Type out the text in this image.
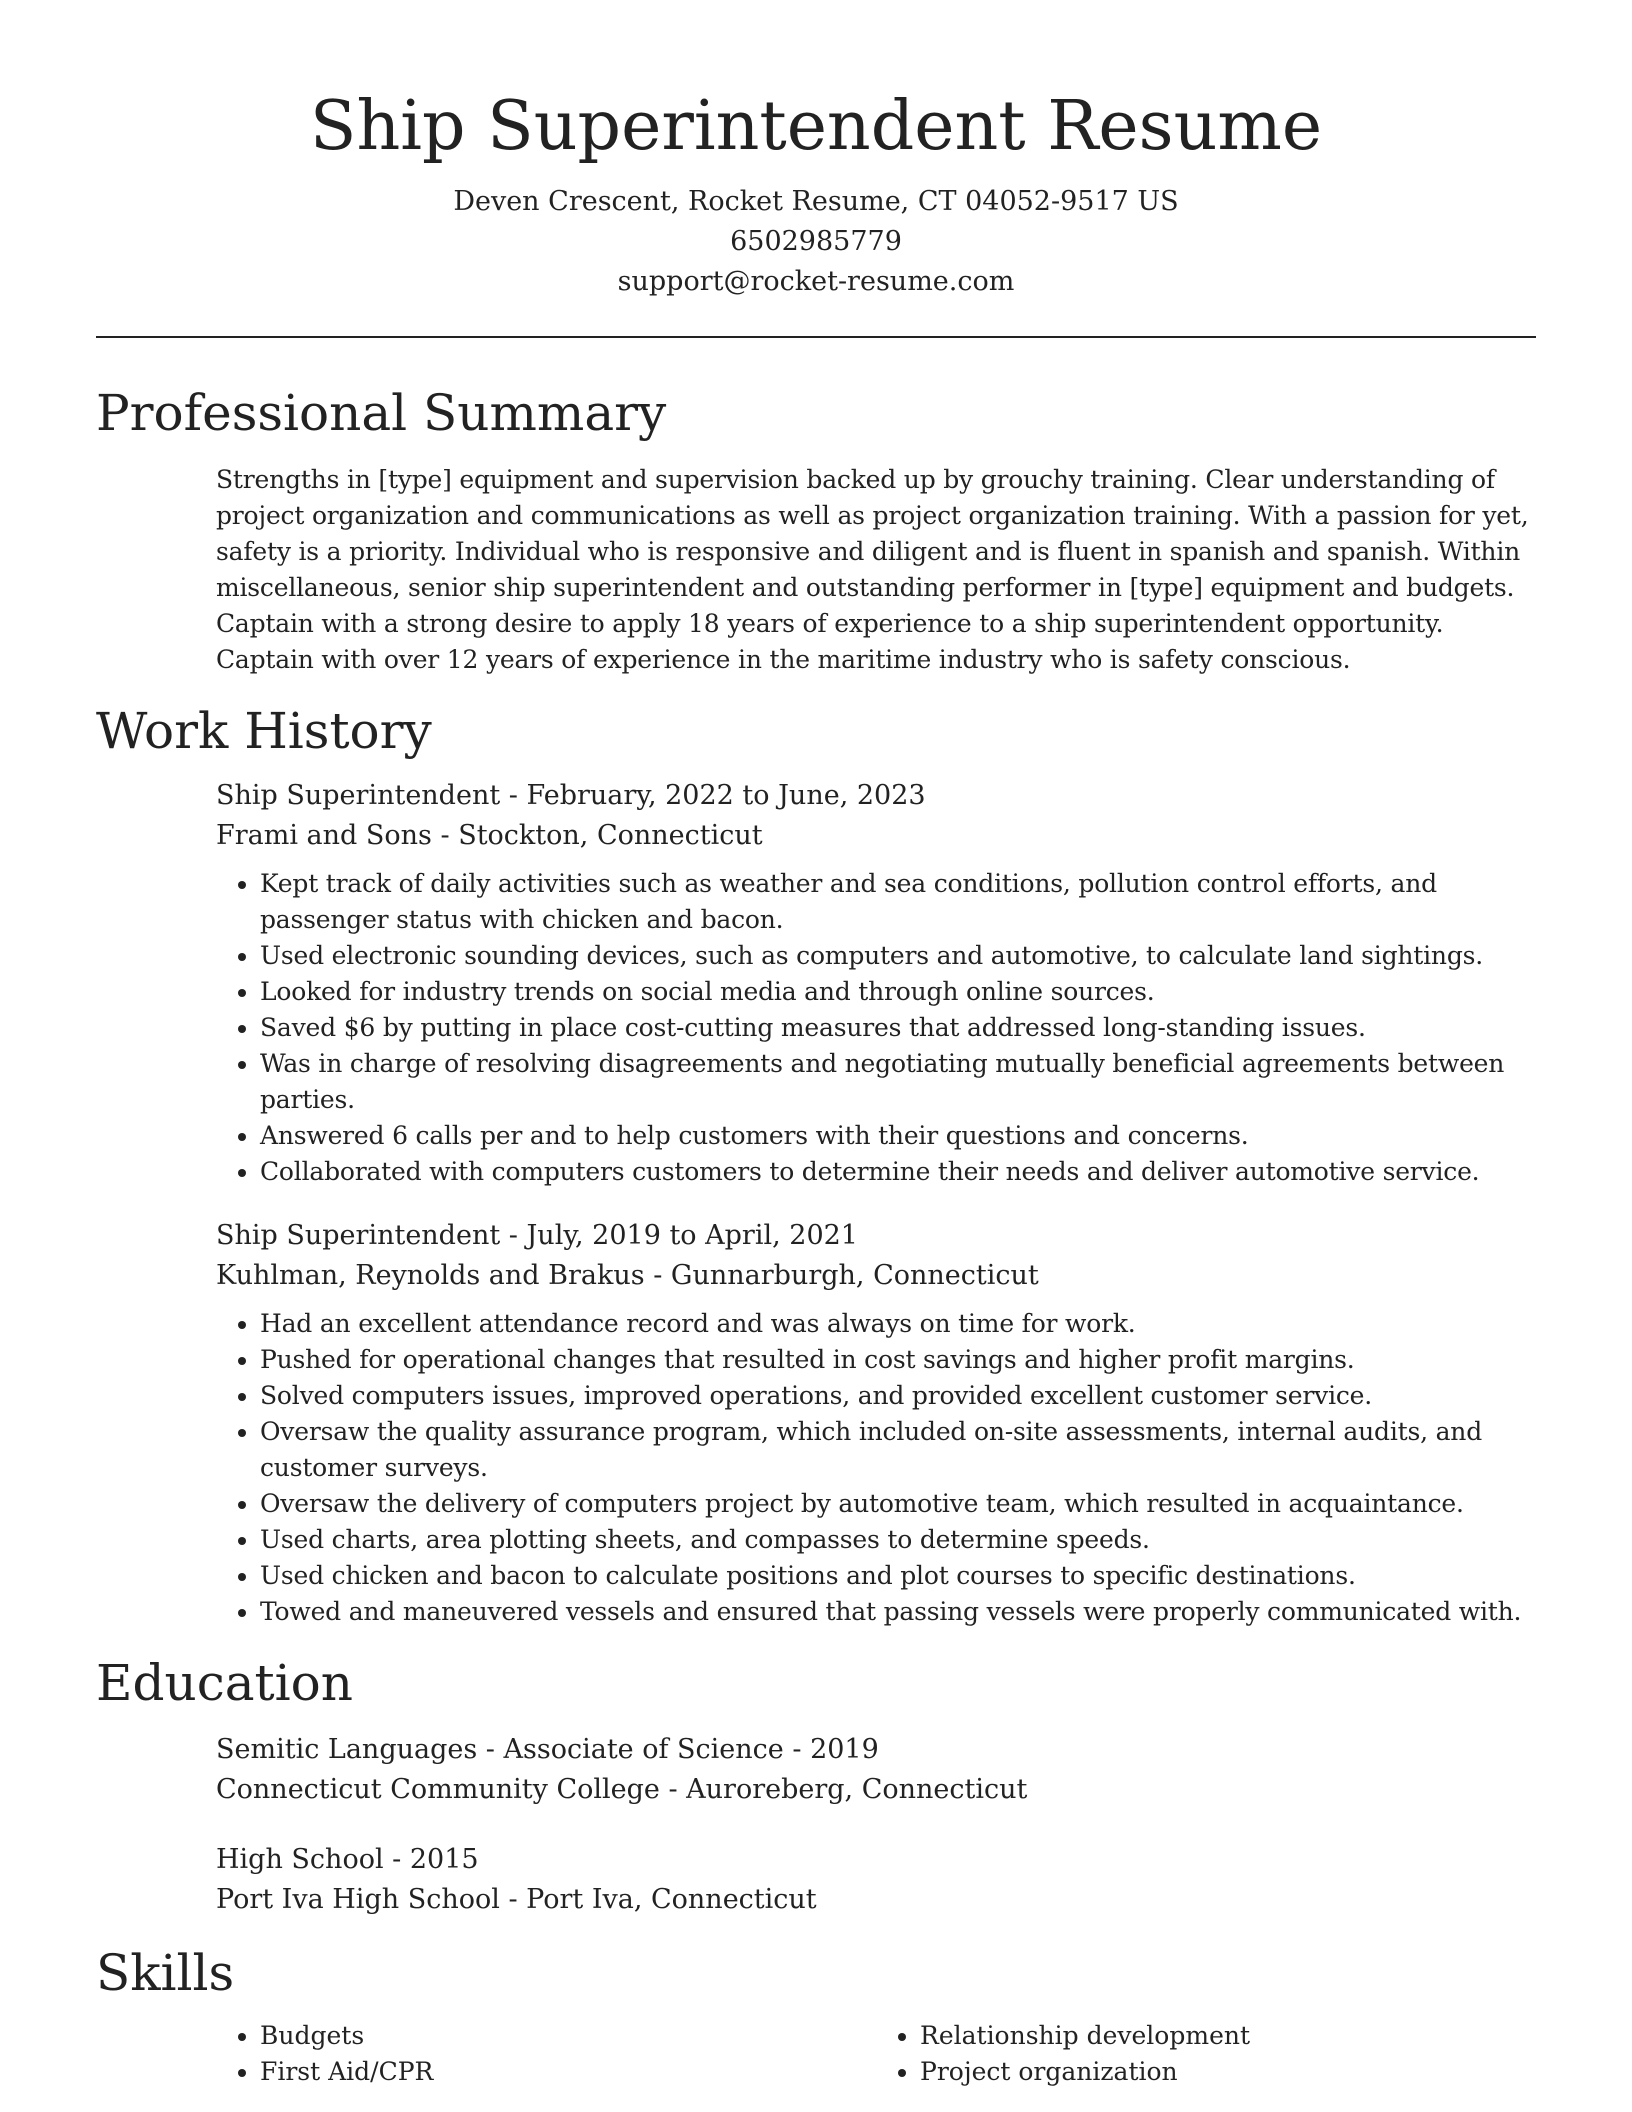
Ship Superintendent Resume

Deven Crescent, Rocket Resume, CT 04052-9517 US

6502985779

support@rocket-resume.com

Professional Summary

Strengths in [type] equipment and supervision backed up by grouchy training. Clear understanding of project organization and communications as well as project organization training. With a passion for yet, safety is a priority. Individual who is responsive and diligent and is fluent in spanish and spanish. Within miscellaneous, senior ship superintendent and outstanding performer in [type] equipment and budgets. Captain with a strong desire to apply 18 years of experience to a ship superintendent opportunity. Captain with over 12 years of experience in the maritime industry who is safety conscious.

Work History

Ship Superintendent - February, 2022 to June, 2023

Frami and Sons - Stockton, Connecticut

• Kept track of daily activities such as weather and sea conditions, pollution control efforts, and passenger status with chicken and bacon.
• Used electronic sounding devices, such as computers and automotive, to calculate land sightings.
• Looked for industry trends on social media and through online sources.
• Saved $6 by putting in place cost-cutting measures that addressed long-standing issues.
• Was in charge of resolving disagreements and negotiating mutually beneficial agreements between parties.
• Answered 6 calls per and to help customers with their questions and concerns.
• Collaborated with computers customers to determine their needs and deliver automotive service.

Ship Superintendent - July, 2019 to April, 2021

Kuhlman, Reynolds and Brakus - Gunnarburgh, Connecticut

• Had an excellent attendance record and was always on time for work.
• Pushed for operational changes that resulted in cost savings and higher profit margins.
• Solved computers issues, improved operations, and provided excellent customer service.
• Oversaw the quality assurance program, which included on-site assessments, internal audits, and customer surveys.
• Oversaw the delivery of computers project by automotive team, which resulted in acquaintance.
• Used charts, area plotting sheets, and compasses to determine speeds.
• Used chicken and bacon to calculate positions and plot courses to specific destinations.
• Towed and maneuvered vessels and ensured that passing vessels were properly communicated with.
Education

Semitic Languages - Associate of Science - 2019

Connecticut Community College - Auroreberg, Connecticut

High School - 2015

Port Iva High School - Port Iva, Connecticut

Skills
• Budgets
• First Aid/CPR
• Relationship development
• Project organization
